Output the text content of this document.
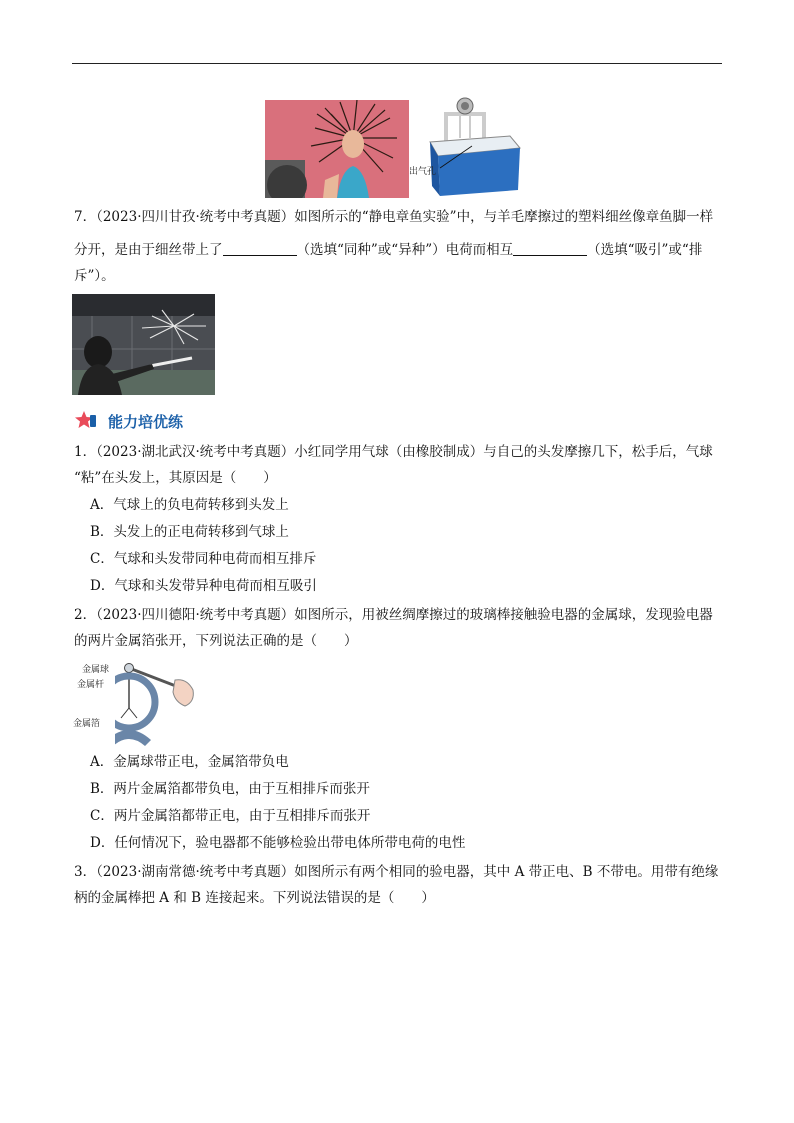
出气孔
7．（2023·四川甘孜·统考中考真题）如图所示的“静电章鱼实验”中，与羊毛摩擦过的塑料细丝像章鱼脚一样
分开，是由于细丝带上了	（选填“同种”或“异种”）电荷而相互	（选填“吸引”或“排
斥”）。
能力培优练
1．（2023·湖北武汉·统考中考真题）小红同学用气球（由橡胶制成）与自己的头发摩擦几下，松手后，气球
“粘”在头发上，其原因是（　　）
A．气球上的负电荷转移到头发上
B．头发上的正电荷转移到气球上
C．气球和头发带同种电荷而相互排斥
D．气球和头发带异种电荷而相互吸引
2．（2023·四川德阳·统考中考真题）如图所示，用被丝绸摩擦过的玻璃棒接触验电器的金属球，发现验电器
的两片金属箔张开，下列说法正确的是（　　）
金属球
金属杆
金属箔
A．金属球带正电，金属箔带负电
B．两片金属箔都带负电，由于互相排斥而张开
C．两片金属箔都带正电，由于互相排斥而张开
D．任何情况下，验电器都不能够检验出带电体所带电荷的电性
3．（2023·湖南常德·统考中考真题）如图所示有两个相同的验电器，其中 A 带正电、B 不带电。用带有绝缘
柄的金属棒把 A 和 B 连接起来。下列说法错误的是（　　）
